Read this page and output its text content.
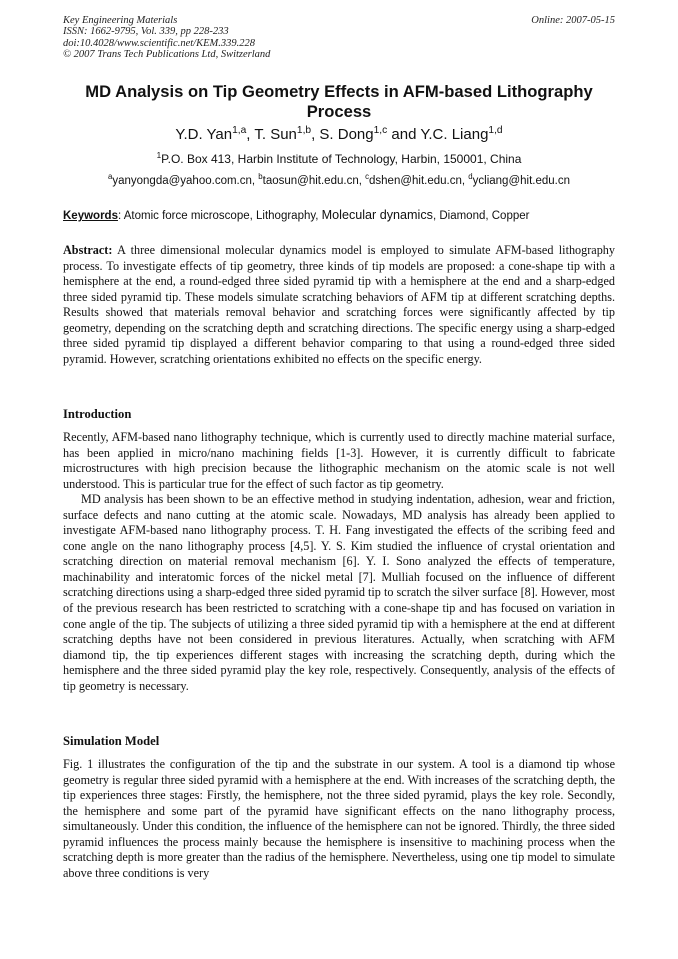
Key Engineering Materials
ISSN: 1662-9795, Vol. 339, pp 228-233
doi:10.4028/www.scientific.net/KEM.339.228
© 2007 Trans Tech Publications Ltd, Switzerland
Online: 2007-05-15
MD Analysis on Tip Geometry Effects in AFM-based Lithography Process
Y.D. Yan$^{1,a}$, T. Sun$^{1,b}$, S. Dong$^{1,c}$ and Y.C. Liang$^{1,d}$
$^1$P.O. Box 413, Harbin Institute of Technology, Harbin, 150001, China
$^a$yanyongda@yahoo.com.cn, $^b$taosun@hit.edu.cn, $^c$dshen@hit.edu.cn, $^d$ycliang@hit.edu.cn
Keywords: Atomic force microscope, Lithography, Molecular dynamics, Diamond, Copper

Abstract: A three dimensional molecular dynamics model is employed to simulate AFM-based lithography process. To investigate effects of tip geometry, three kinds of tip models are proposed: a cone-shape tip with a hemisphere at the end, a round-edged three sided pyramid tip with a hemisphere at the end and a sharp-edged three sided pyramid tip. These models simulate scratching behaviors of AFM tip at different scratching depths. Results showed that materials removal behavior and scratching forces were significantly affected by tip geometry, depending on the scratching depth and scratching directions. The specific energy using a sharp-edged three sided pyramid tip displayed a different behavior comparing to that using a round-edged three sided pyramid. However, scratching orientations exhibited no effects on the specific energy.

Introduction

Recently, AFM-based nano lithography technique, which is currently used to directly machine material surface, has been applied in micro/nano machining fields [1-3]. However, it is currently difficult to fabricate microstructures with high precision because the lithographic mechanism on the atomic scale is not well understood. This is particular true for the effect of such factor as tip geometry.

MD analysis has been shown to be an effective method in studying indentation, adhesion, wear and friction, surface defects and nano cutting at the atomic scale. Nowadays, MD analysis has already been applied to investigate AFM-based nano lithography process. T. H. Fang investigated the effects of the scribing feed and cone angle on the nano lithography process [4,5]. Y. S. Kim studied the influence of crystal orientation and scratching direction on material removal mechanism [6]. Y. I. Sono analyzed the effects of temperature, machinability and interatomic forces of the nickel metal [7]. Mulliah focused on the influence of different scratching directions using a sharp-edged three sided pyramid tip to scratch the silver surface [8]. However, most of the previous research has been restricted to scratching with a cone-shape tip and has focused on variation in cone angle of the tip. The subjects of utilizing a three sided pyramid tip with a hemisphere at the end at different scratching depths have not been considered in previous literatures. Actually, when scratching with AFM diamond tip, the tip experiences different stages with increasing the scratching depth, during which the hemisphere and the three sided pyramid play the key role, respectively. Consequently, analysis of the effects of tip geometry is necessary.

Simulation Model

Fig. 1 illustrates the configuration of the tip and the substrate in our system. A tool is a diamond tip whose geometry is regular three sided pyramid with a hemisphere at the end. With increases of the scratching depth, the tip experiences three stages: Firstly, the hemisphere, not the three sided pyramid, plays the key role. Secondly, the hemisphere and some part of the pyramid have significant effects on the nano lithography process, simultaneously. Under this condition, the influence of the hemisphere can not be ignored. Thirdly, the three sided pyramid influences the process mainly because the hemisphere is insensitive to machining process when the scratching depth is more greater than the radius of the hemisphere. Nevertheless, using one tip model to simulate above three conditions is very
